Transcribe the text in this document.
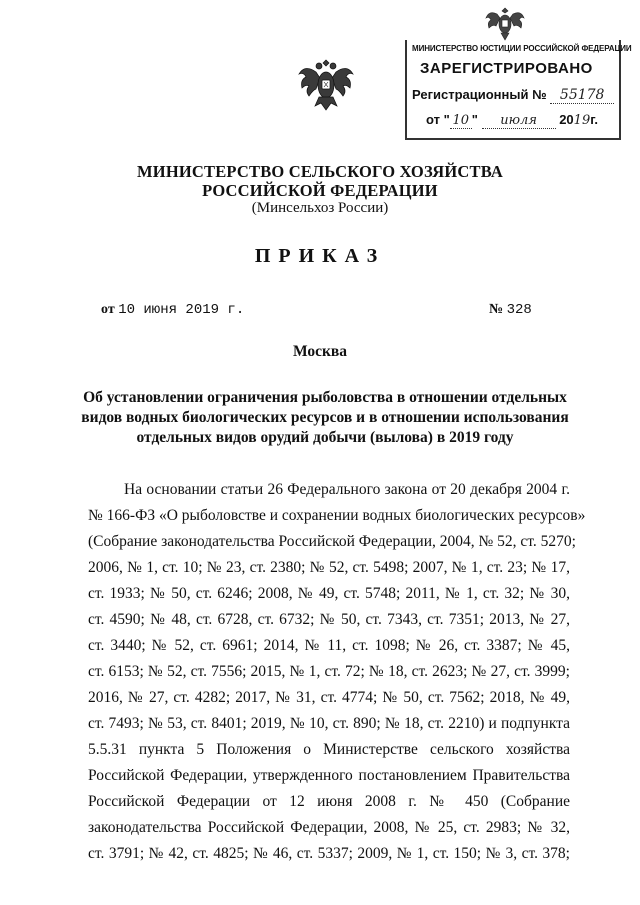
МИНИСТЕРСТВО ЮСТИЦИИ РОССИЙСКОЙ ФЕДЕРАЦИИ
ЗАРЕГИСТРИРОВАНО
Регистрационный № 55178
от " 10 " июля 2019г.
МИНИСТЕРСТВО СЕЛЬСКОГО ХОЗЯЙСТВА
РОССИЙСКОЙ ФЕДЕРАЦИИ
(Минсельхоз России)
ПРИКАЗ
от 10 июня 2019 г.	№ 328
Москва
Об установлении ограничения рыболовства в отношении отдельных видов водных биологических ресурсов и в отношении использования отдельных видов орудий добычи (вылова) в 2019 году
На основании статьи 26 Федерального закона от 20 декабря 2004 г.
№ 166-ФЗ «О рыболовстве и сохранении водных биологических ресурсов»
(Собрание законодательства Российской Федерации, 2004, № 52, ст. 5270;
2006, № 1, ст. 10; № 23, ст. 2380; № 52, ст. 5498; 2007, № 1, ст. 23; № 17,
ст. 1933; № 50, ст. 6246; 2008, № 49, ст. 5748; 2011, № 1, ст. 32; № 30,
ст. 4590; № 48, ст. 6728, ст. 6732; № 50, ст. 7343, ст. 7351; 2013, № 27,
ст. 3440; № 52, ст. 6961; 2014, № 11, ст. 1098; № 26, ст. 3387; № 45,
ст. 6153; № 52, ст. 7556; 2015, № 1, ст. 72; № 18, ст. 2623; № 27, ст. 3999;
2016, № 27, ст. 4282; 2017, № 31, ст. 4774; № 50, ст. 7562; 2018, № 49,
ст. 7493; № 53, ст. 8401; 2019, № 10, ст. 890; № 18, ст. 2210) и подпункта
5.5.31 пункта 5 Положения о Министерстве сельского хозяйства
Российской Федерации, утвержденного постановлением Правительства
Российской Федерации от 12 июня 2008 г. № 450 (Собрание
законодательства Российской Федерации, 2008, № 25, ст. 2983; № 32,
ст. 3791; № 42, ст. 4825; № 46, ст. 5337; 2009, № 1, ст. 150; № 3, ст. 378;
